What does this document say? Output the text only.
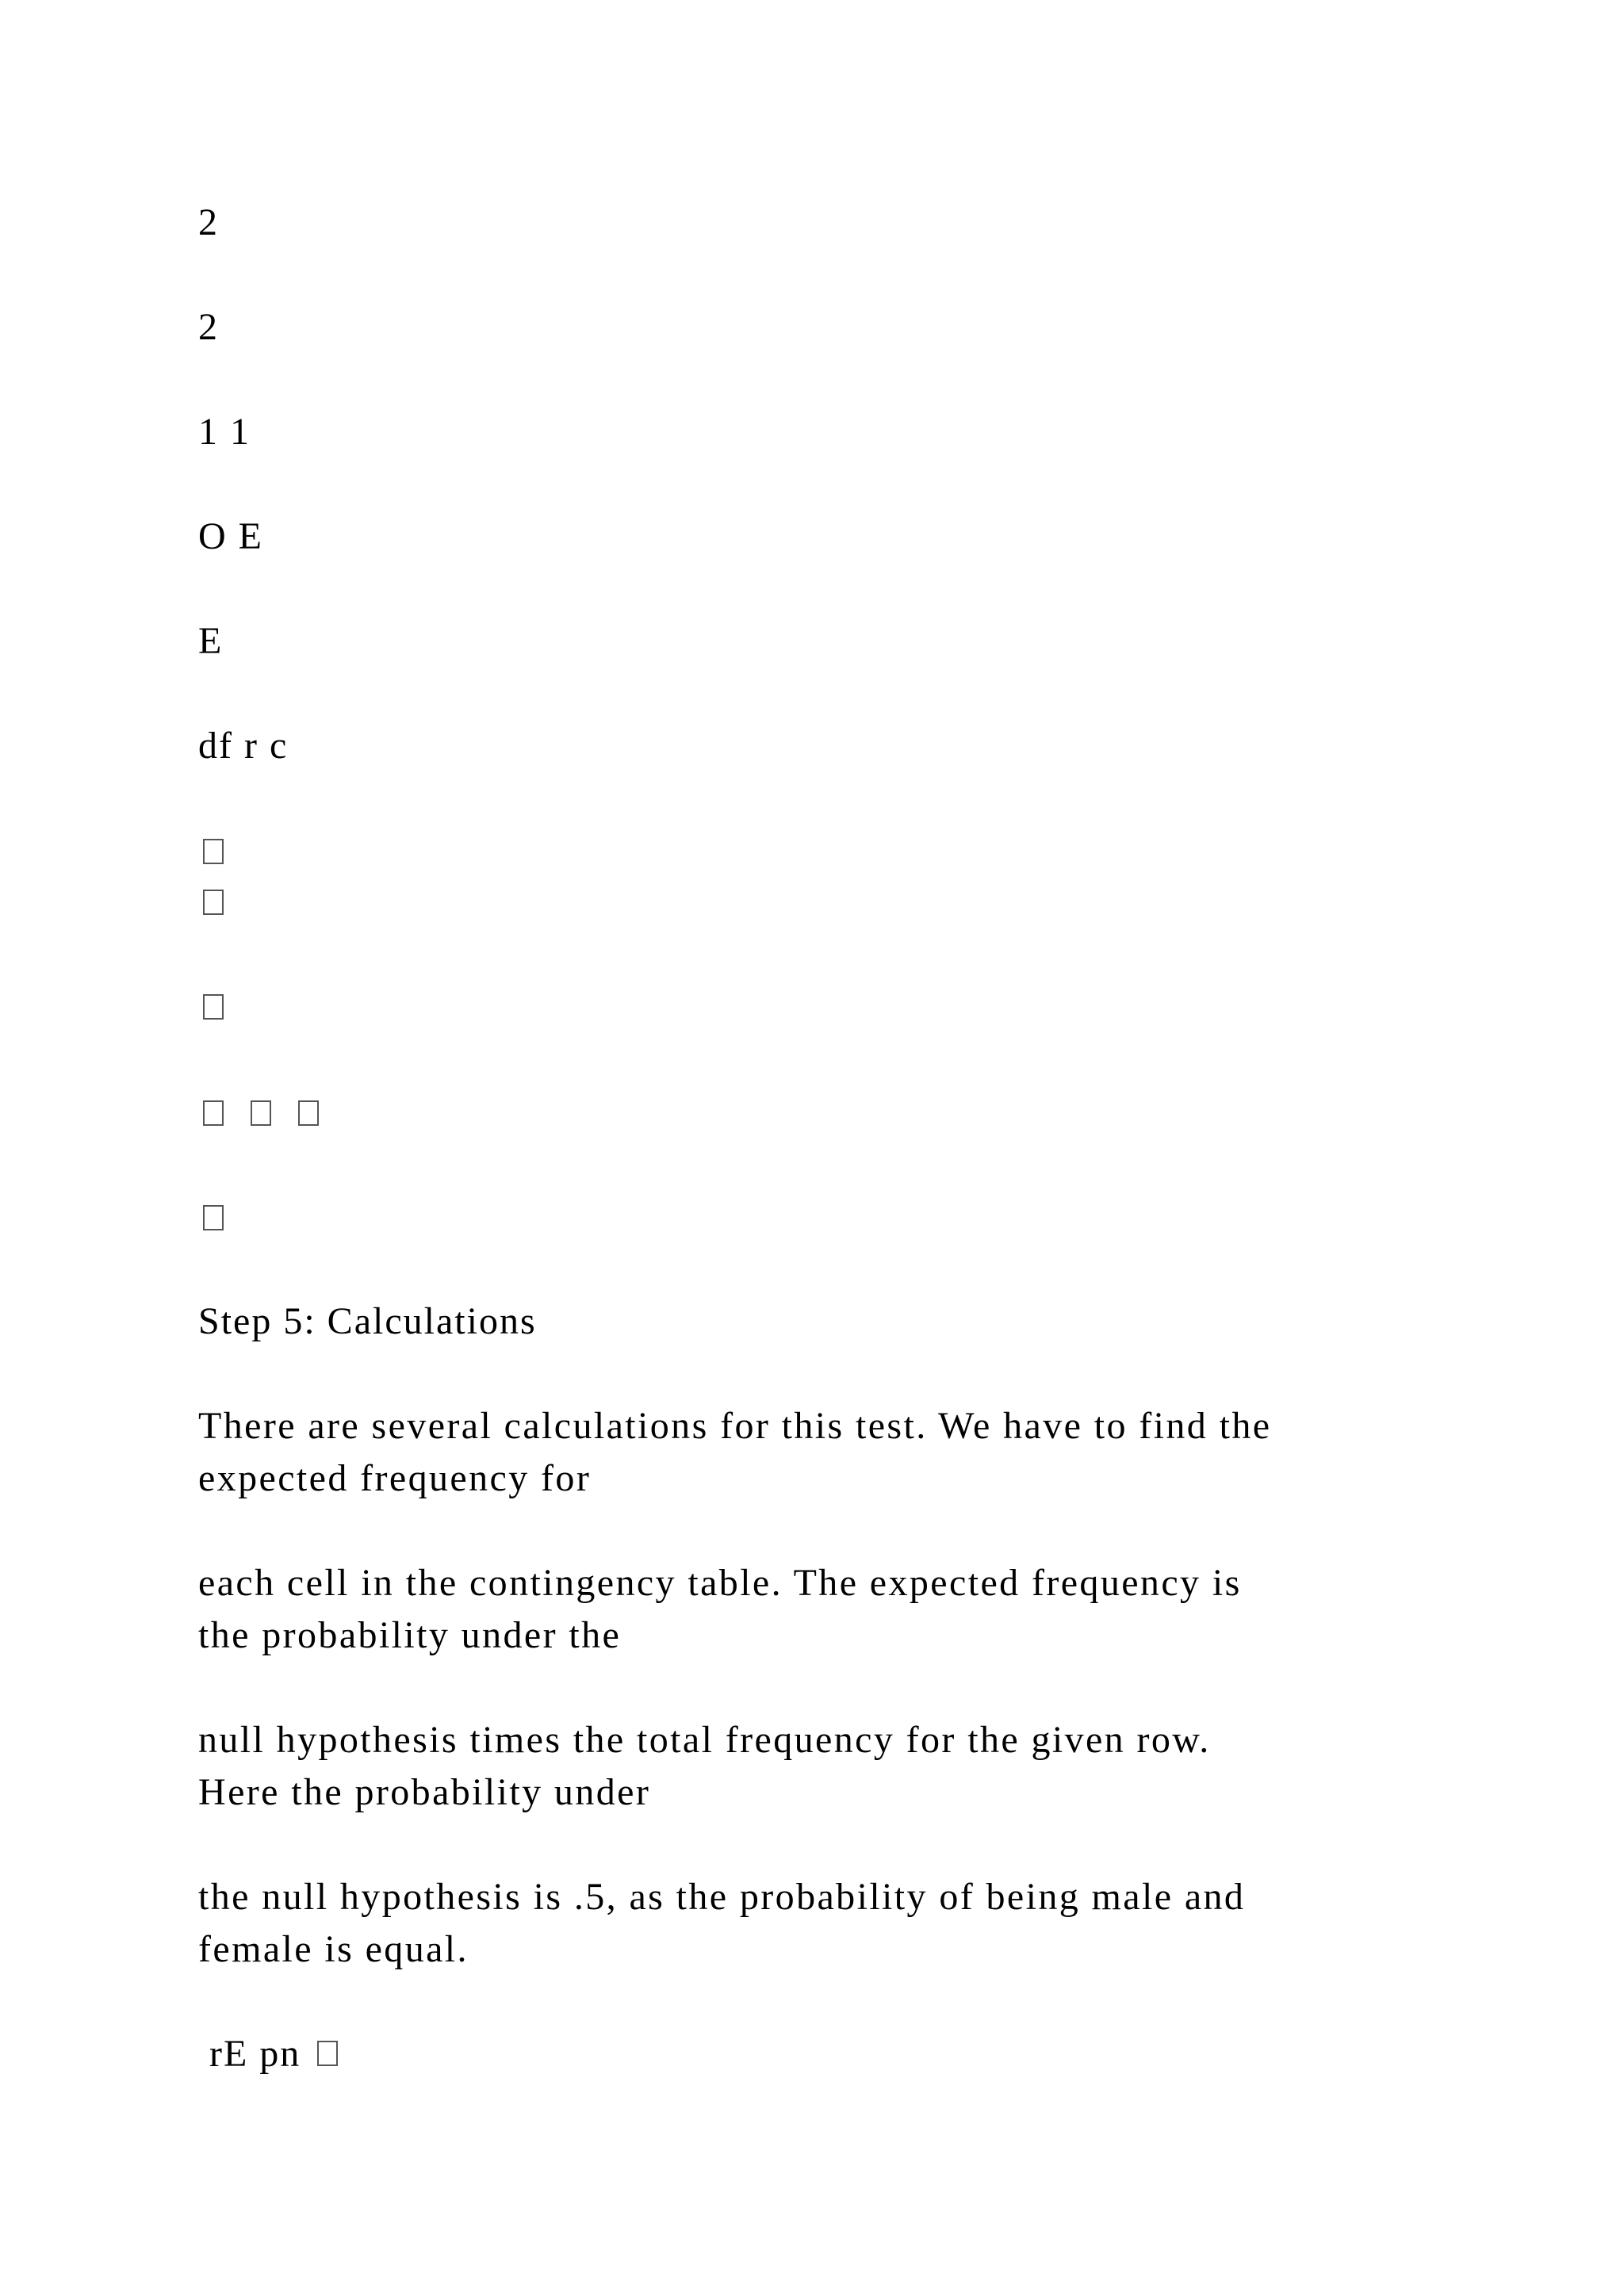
2
2
1 1
O E
E
df r c
Step 5: Calculations
There are several calculations for this test. We have to find the
expected frequency for
each cell in the contingency table. The expected frequency is
the probability under the
null hypothesis times the total frequency for the given row.
Here the probability under
the null hypothesis is .5, as the probability of being male and
female is equal.
rE pn
